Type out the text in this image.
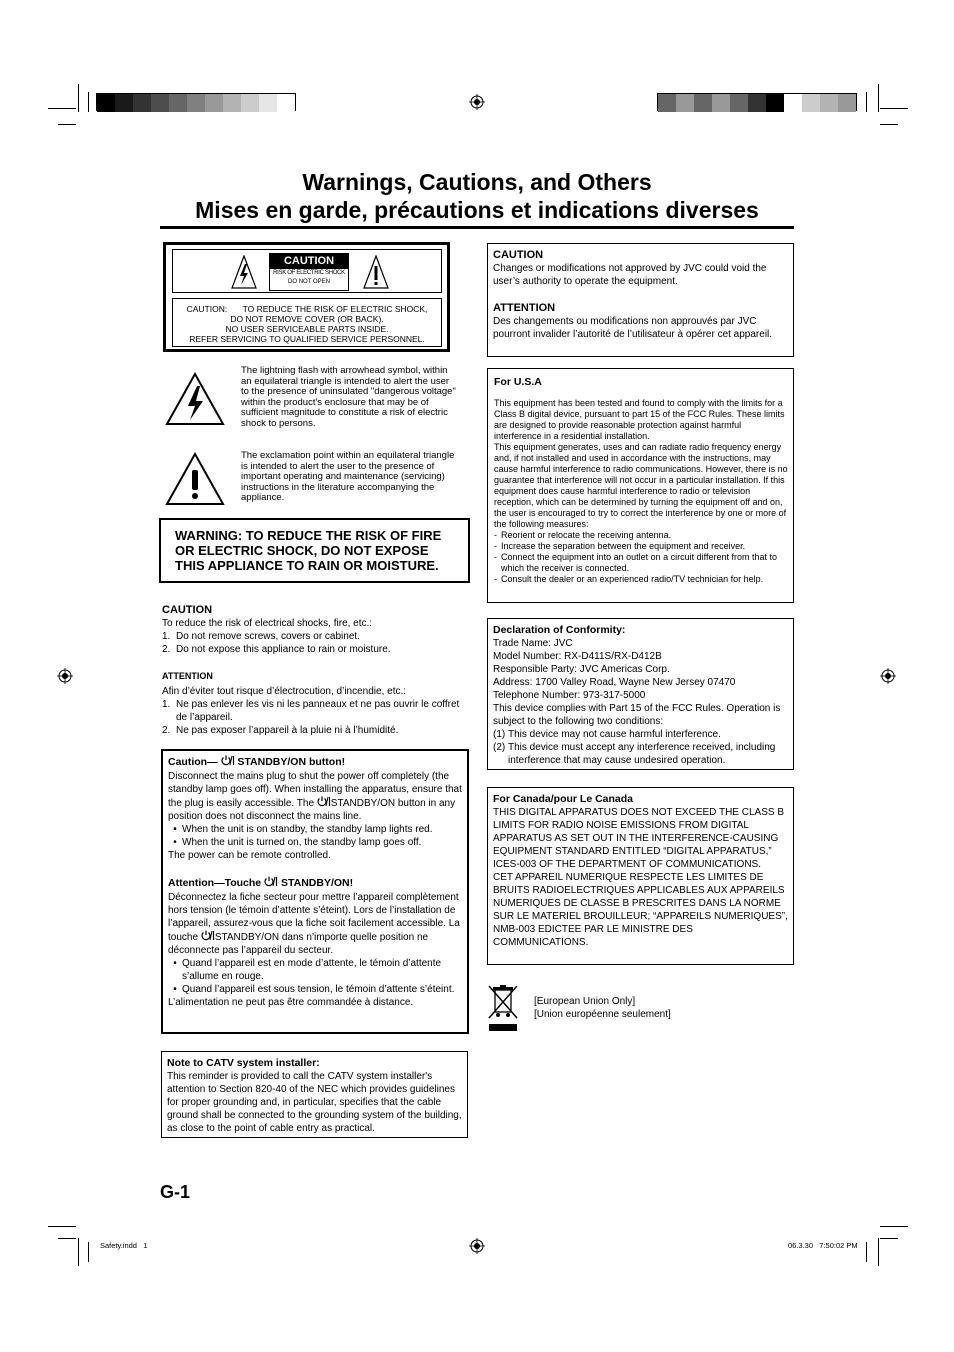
Warnings, Cautions, and Others
Mises en garde, précautions et indications diverses
CAUTION
RISK OF ELECTRIC SHOCK
DO NOT OPEN
CAUTION: TO REDUCE THE RISK OF ELECTRIC SHOCK,
DO NOT REMOVE COVER (OR BACK).
NO USER SERVICEABLE PARTS INSIDE.
REFER SERVICING TO QUALIFIED SERVICE PERSONNEL.
The lightning flash with arrowhead symbol, within an equilateral triangle is intended to alert the user to the presence of uninsulated "dangerous voltage" within the product's enclosure that may be of sufficient magnitude to constitute a risk of electric shock to persons.
The exclamation point within an equilateral triangle is intended to alert the user to the presence of important operating and maintenance (servicing) instructions in the literature accompanying the appliance.
WARNING: TO REDUCE THE RISK OF FIRE OR ELECTRIC SHOCK, DO NOT EXPOSE THIS APPLIANCE TO RAIN OR MOISTURE.
CAUTION
To reduce the risk of electrical shocks, fire, etc.:
1. Do not remove screws, covers or cabinet.
2. Do not expose this appliance to rain or moisture.
ATTENTION
Afin d’éviter tout risque d’électrocution, d’incendie, etc.:
1. Ne pas enlever les vis ni les panneaux et ne pas ouvrir le coffret de l’appareil.
2. Ne pas exposer l’appareil à la pluie ni à l’humidité.
Caution— STANDBY/ON button!
Disconnect the mains plug to shut the power off completely (the standby lamp goes off). When installing the apparatus, ensure that the plug is easily accessible. The STANDBY/ON button in any position does not disconnect the mains line.
• When the unit is on standby, the standby lamp lights red.
• When the unit is turned on, the standby lamp goes off.
The power can be remote controlled.
Attention—Touche STANDBY/ON!
Déconnectez la fiche secteur pour mettre l’appareil complètement hors tension (le témoin d’attente s’éteint). Lors de l’installation de l’appareil, assurez-vous que la fiche soit facilement accessible. La touche STANDBY/ON dans n’importe quelle position ne déconnecte pas l’appareil du secteur.
• Quand l’appareil est en mode d’attente, le témoin d’attente s’allume en rouge.
• Quand l’appareil est sous tension, le témoin d’attente s’éteint.
L’alimentation ne peut pas être commandée à distance.
Note to CATV system installer:
This reminder is provided to call the CATV system installer's attention to Section 820-40 of the NEC which provides guidelines for proper grounding and, in particular, specifies that the cable ground shall be connected to the grounding system of the building, as close to the point of cable entry as practical.
G-1
CAUTION
Changes or modifications not approved by JVC could void the user’s authority to operate the equipment.
ATTENTION
Des changements ou modifications non approuvés par JVC pourront invalider l’autorité de l’utilisateur à opérer cet appareil.
For U.S.A
This equipment has been tested and found to comply with the limits for a Class B digital device, pursuant to part 15 of the FCC Rules. These limits are designed to provide reasonable protection against harmful interference in a residential installation.
This equipment generates, uses and can radiate radio frequency energy and, if not installed and used in accordance with the instructions, may cause harmful interference to radio communications. However, there is no guarantee that interference will not occur in a particular installation. If this equipment does cause harmful interference to radio or television reception, which can be determined by turning the equipment off and on, the user is encouraged to try to correct the interference by one or more of the following measures:
- Reorient or relocate the receiving antenna.
- Increase the separation between the equipment and receiver.
- Connect the equipment into an outlet on a circuit different from that to which the receiver is connected.
- Consult the dealer or an experienced radio/TV technician for help.
Declaration of Conformity:
Trade Name: JVC
Model Number: RX-D411S/RX-D412B
Responsible Party: JVC Americas Corp.
Address: 1700 Valley Road, Wayne New Jersey 07470
Telephone Number: 973-317-5000
This device complies with Part 15 of the FCC Rules. Operation is subject to the following two conditions:
(1) This device may not cause harmful interference.
(2) This device must accept any interference received, including interference that may cause undesired operation.
For Canada/pour Le Canada
THIS DIGITAL APPARATUS DOES NOT EXCEED THE CLASS B LIMITS FOR RADIO NOISE EMISSIONS FROM DIGITAL APPARATUS AS SET OUT IN THE INTERFERENCE-CAUSING EQUIPMENT STANDARD ENTITLED “DIGITAL APPARATUS,” ICES-003 OF THE DEPARTMENT OF COMMUNICATIONS.
CET APPAREIL NUMERIQUE RESPECTE LES LIMITES DE BRUITS RADIOELECTRIQUES APPLICABLES AUX APPAREILS NUMERIQUES DE CLASSE B PRESCRITES DANS LA NORME SUR LE MATERIEL BROUILLEUR; “APPAREILS NUMERIQUES”, NMB-003 EDICTEE PAR LE MINISTRE DES COMMUNICATIONS.
[European Union Only]
[Union européenne seulement]
Safety.indd   1	06.3.30   7:50:02 PM
